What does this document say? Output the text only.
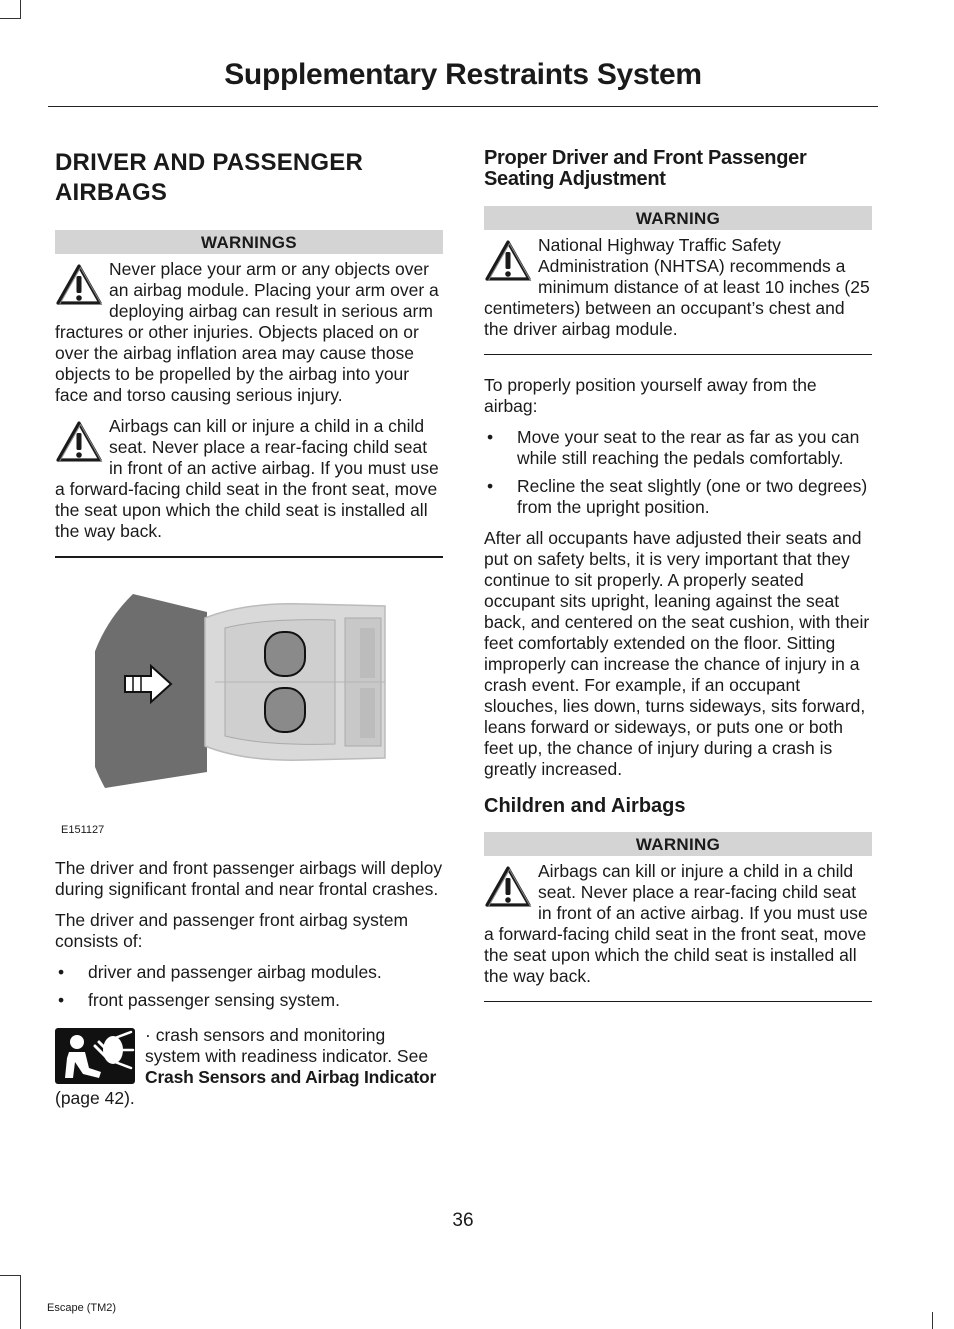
Supplementary Restraints System
DRIVER AND PASSENGER AIRBAGS
WARNINGS
Never place your arm or any objects over an airbag module. Placing your arm over a deploying airbag can result in serious arm fractures or other injuries. Objects placed on or over the airbag inflation area may cause those objects to be propelled by the airbag into your face and torso causing serious injury.
Airbags can kill or injure a child in a child seat. Never place a rear-facing child seat in front of an active airbag. If you must use a forward-facing child seat in the front seat, move the seat upon which the child seat is installed all the way back.
E151127

The driver and front passenger airbags will deploy during significant frontal and near frontal crashes.

The driver and passenger front airbag system consists of:

• driver and passenger airbag modules.
• front passenger sensing system.

· crash sensors and monitoring system with readiness indicator. See Crash Sensors and Airbag Indicator (page 42).

Proper Driver and Front Passenger Seating Adjustment
WARNING
National Highway Traffic Safety Administration (NHTSA) recommends a minimum distance of at least 10 inches (25 centimeters) between an occupant’s chest and the driver airbag module.

To properly position yourself away from the airbag:

• Move your seat to the rear as far as you can while still reaching the pedals comfortably.
• Recline the seat slightly (one or two degrees) from the upright position.

After all occupants have adjusted their seats and put on safety belts, it is very important that they continue to sit properly. A properly seated occupant sits upright, leaning against the seat back, and centered on the seat cushion, with their feet comfortably extended on the floor. Sitting improperly can increase the chance of injury in a crash event. For example, if an occupant slouches, lies down, turns sideways, sits forward, leans forward or sideways, or puts one or both feet up, the chance of injury during a crash is greatly increased.

Children and Airbags
WARNING
Airbags can kill or injure a child in a child seat. Never place a rear-facing child seat in front of an active airbag. If you must use a forward-facing child seat in the front seat, move the seat upon which the child seat is installed all the way back.
36
Escape (TM2)
